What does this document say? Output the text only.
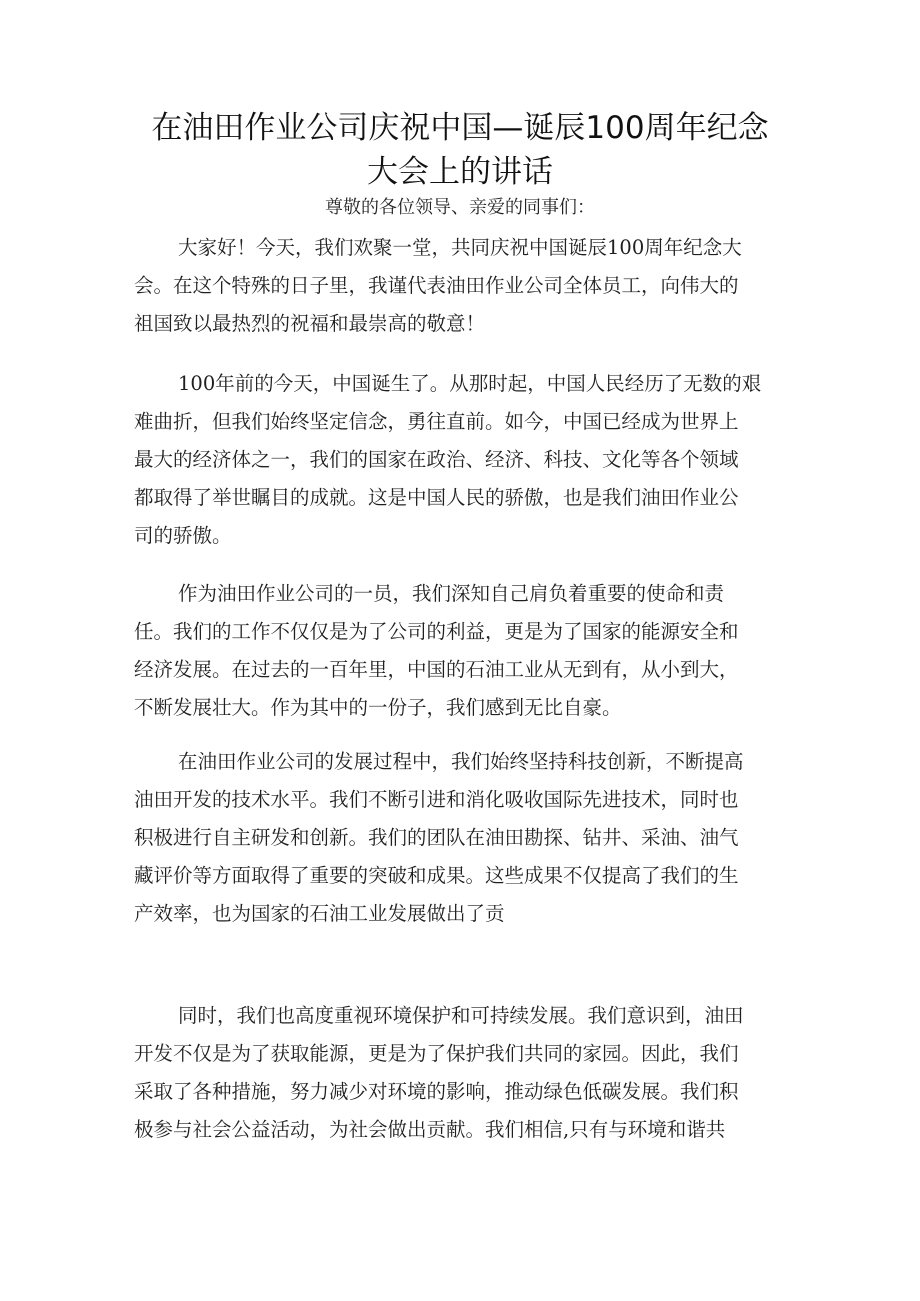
在油田作业公司庆祝中国—诞辰100周年纪念
大会上的讲话
尊敬的各位领导、亲爱的同事们：
大家好！今天，我们欢聚一堂，共同庆祝中国诞辰100周年纪念大
会。在这个特殊的日子里，我谨代表油田作业公司全体员工，向伟大的
祖国致以最热烈的祝福和最崇高的敬意！
100年前的今天，中国诞生了。从那时起，中国人民经历了无数的艰
难曲折，但我们始终坚定信念，勇往直前。如今，中国已经成为世界上
最大的经济体之一，我们的国家在政治、经济、科技、文化等各个领域
都取得了举世瞩目的成就。这是中国人民的骄傲，也是我们油田作业公
司的骄傲。
作为油田作业公司的一员，我们深知自己肩负着重要的使命和责
任。我们的工作不仅仅是为了公司的利益，更是为了国家的能源安全和
经济发展。在过去的一百年里，中国的石油工业从无到有，从小到大，
不断发展壮大。作为其中的一份子，我们感到无比自豪。
在油田作业公司的发展过程中，我们始终坚持科技创新，不断提高
油田开发的技术水平。我们不断引进和消化吸收国际先进技术，同时也
积极进行自主研发和创新。我们的团队在油田勘探、钻井、采油、油气
藏评价等方面取得了重要的突破和成果。这些成果不仅提高了我们的生
产效率，也为国家的石油工业发展做出了贡
同时，我们也高度重视环境保护和可持续发展。我们意识到，油田
开发不仅是为了获取能源，更是为了保护我们共同的家园。因此，我们
采取了各种措施，努力减少对环境的影响，推动绿色低碳发展。我们积
极参与社会公益活动，为社会做出贡献。我们相信,只有与环境和谐共
